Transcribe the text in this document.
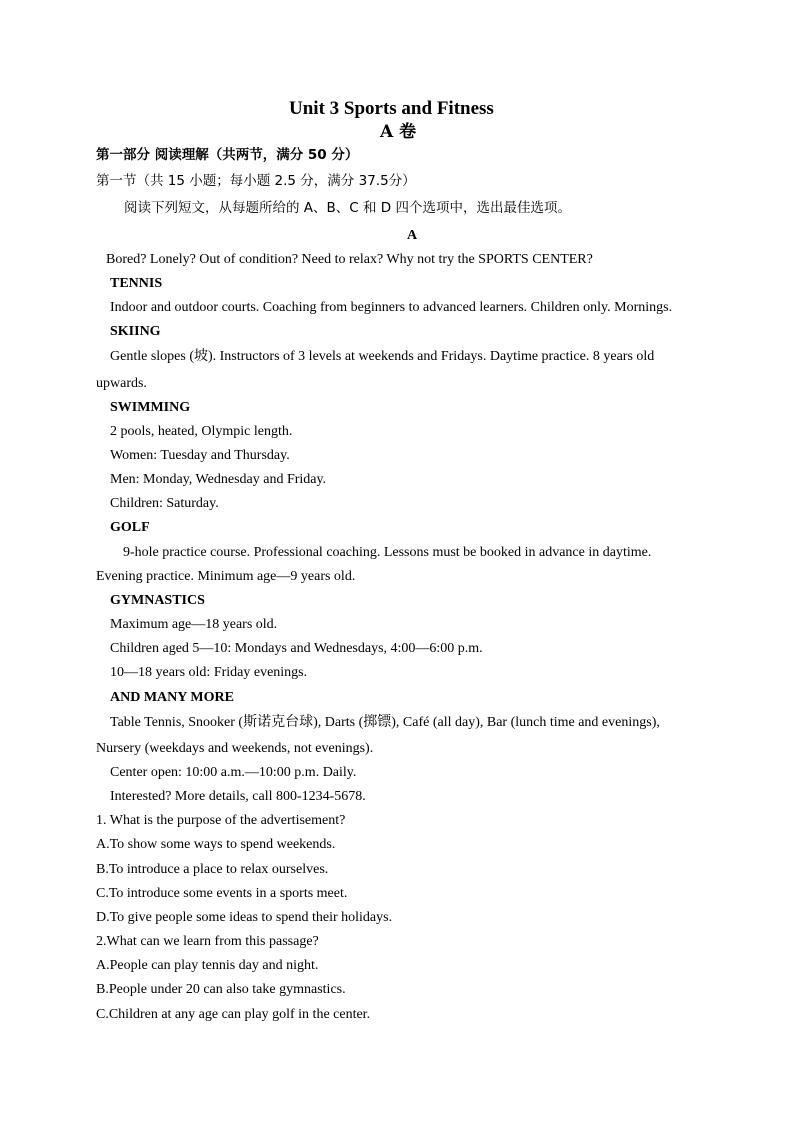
Unit 3 Sports and Fitness
A 卷
第一部分 阅读理解（共两节，满分 50 分）
第一节（共 15 小题；每小题 2.5 分，满分 37.5分）
阅读下列短文，从每题所给的 A、B、C 和 D 四个选项中，选出最佳选项。
A
Bored? Lonely? Out of condition? Need to relax? Why not try the SPORTS CENTER?
TENNIS
Indoor and outdoor courts. Coaching from beginners to advanced learners. Children only. Mornings.
SKIING
Gentle slopes (坡). Instructors of 3 levels at weekends and Fridays. Daytime practice. 8 years old
upwards.
SWIMMING
2 pools, heated, Olympic length.
Women: Tuesday and Thursday.
Men: Monday, Wednesday and Friday.
Children: Saturday.
GOLF
9-hole practice course. Professional coaching. Lessons must be booked in advance in daytime.
Evening practice. Minimum age—9 years old.
GYMNASTICS
Maximum age—18 years old.
Children aged 5—10: Mondays and Wednesdays, 4:00—6:00 p.m.
10—18 years old: Friday evenings.
AND MANY MORE
Table Tennis, Snooker (斯诺克台球), Darts (掷镖), Café (all day), Bar (lunch time and evenings),
Nursery (weekdays and weekends, not evenings).
Center open: 10:00 a.m.—10:00 p.m. Daily.
Interested? More details, call 800-1234-5678.
1. What is the purpose of the advertisement?
A.To show some ways to spend weekends.
B.To introduce a place to relax ourselves.
C.To introduce some events in a sports meet.
D.To give people some ideas to spend their holidays.
2.What can we learn from this passage?
A.People can play tennis day and night.
B.People under 20 can also take gymnastics.
C.Children at any age can play golf in the center.
